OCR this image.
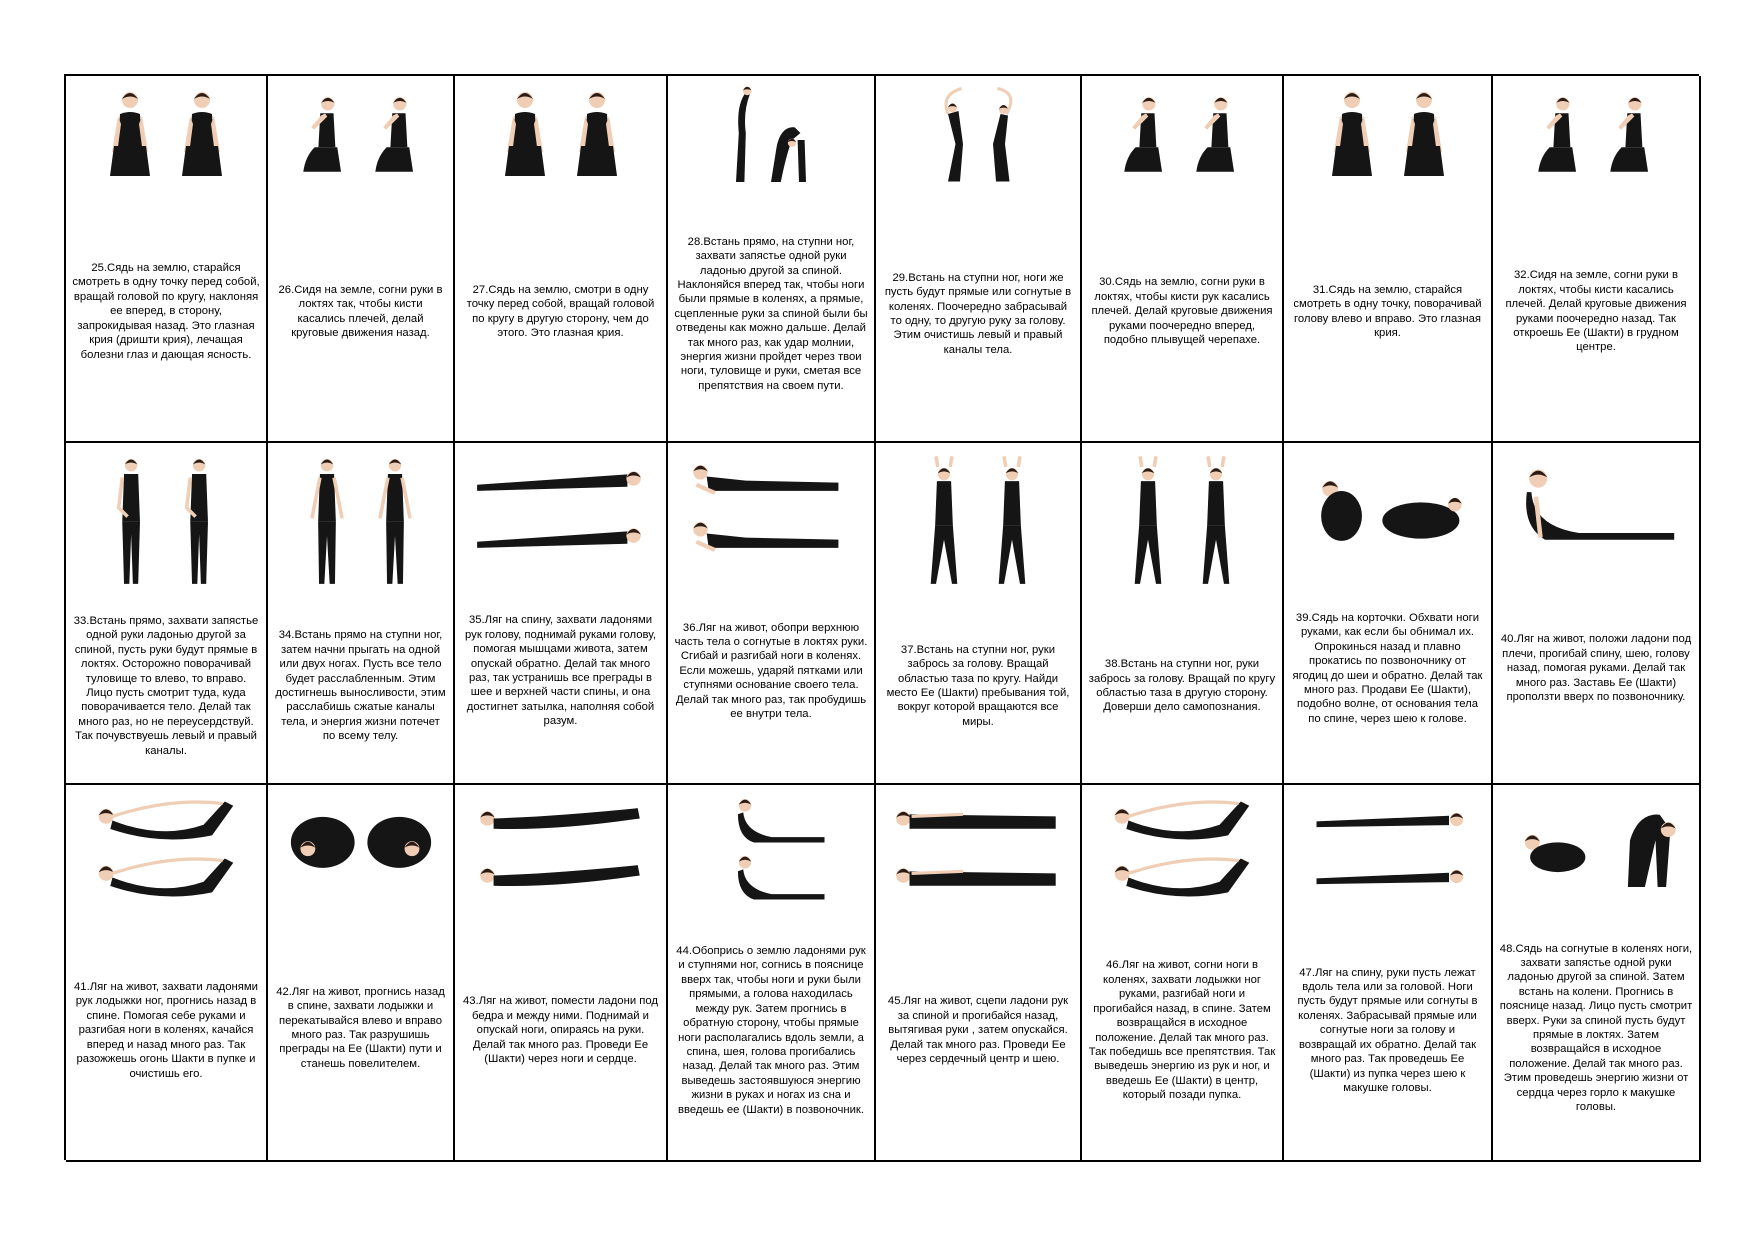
25.Сядь на землю, старайся смотреть в одну точку перед собой, вращай головой по кругу, наклоняя ее вперед, в сторону, запрокидывая назад. Это глазная крия (дришти крия), лечащая болезни глаз и дающая ясность.

26.Сидя на земле, согни руки в локтях так, чтобы кисти касались плечей, делай круговые движения назад.

27.Сядь на землю, смотри в одну точку перед собой, вращай головой по кругу в другую сторону, чем до этого. Это глазная крия.

28.Встань прямо, на ступни ног, захвати запястье одной руки ладонью другой за спиной. Наклоняйся вперед так, чтобы ноги были прямые в коленях, а прямые, сцепленные руки за спиной были бы отведены как можно дальше. Делай так много раз, как удар молнии, энергия жизни пройдет через твои ноги, туловище и руки, сметая все препятствия на своем пути.

29.Встань на ступни ног, ноги же пусть будут прямые или согнутые в коленях. Поочередно забрасывай то одну, то другую руку за голову. Этим очистишь левый и правый каналы тела.

30.Сядь на землю, согни руки в локтях, чтобы кисти рук касались плечей. Делай круговые движения руками поочередно вперед, подобно плывущей черепахе.

31.Сядь на землю, старайся смотреть в одну точку, поворачивай голову влево и вправо. Это глазная крия.

32.Сидя на земле, согни руки в локтях, чтобы кисти касались плечей. Делай круговые движения руками поочередно назад. Так откроешь Ее (Шакти) в грудном центре.

33.Встань прямо, захвати запястье одной руки ладонью другой за спиной, пусть руки будут прямые в локтях. Осторожно поворачивай туловище то влево, то вправо. Лицо пусть смотрит туда, куда поворачивается тело. Делай так много раз, но не переусердствуй. Так почувствуешь левый и правый каналы.

34.Встань прямо на ступни ног, затем начни прыгать на одной или двух ногах. Пусть все тело будет расслабленным. Этим достигнешь выносливости, этим расслабишь сжатые каналы тела, и энергия жизни потечет по всему телу.

35.Ляг на спину, захвати ладонями рук голову, поднимай руками голову, помогая мышцами живота, затем опускай обратно. Делай так много раз, так устранишь все преграды в шее и верхней части спины, и она достигнет затылка, наполняя собой разум.

36.Ляг на живот, обопри верхнюю часть тела о согнутые в локтях руки. Сгибай и разгибай ноги в коленях. Если можешь, ударяй пятками или ступнями основание своего тела. Делай так много раз, так пробудишь ее внутри тела.

37.Встань на ступни ног, руки забрось за голову. Вращай областью таза по кругу. Найди место Ее (Шакти) пребывания той, вокруг которой вращаются все миры.

38.Встань на ступни ног, руки забрось за голову. Вращай по кругу областью таза в другую сторону. Доверши дело самопознания.

39.Сядь на корточки. Обхвати ноги руками, как если бы обнимал их. Опрокинься назад и плавно прокатись по позвоночнику от ягодиц до шеи и обратно. Делай так много раз. Продави Ее (Шакти), подобно волне, от основания тела по спине, через шею к голове.

40.Ляг на живот, положи ладони под плечи, прогибай спину, шею, голову назад, помогая руками. Делай так много раз. Заставь Ее (Шакти) проползти вверх по позвоночнику.

41.Ляг на живот, захвати ладонями рук лодыжки ног, прогнись назад в спине. Помогая себе руками и разгибая ноги в коленях, качайся вперед и назад много раз. Так разожжешь огонь Шакти в пупке и очистишь его.

42.Ляг на живот, прогнись назад в спине, захвати лодыжки и перекатывайся влево и вправо много раз. Так разрушишь преграды на Ее (Шакти) пути и станешь повелителем.

43.Ляг на живот, помести ладони под бедра и между ними. Поднимай и опускай ноги, опираясь на руки. Делай так много раз. Проведи Ее (Шакти) через ноги и сердце.

44.Обопрись о землю ладонями рук и ступнями ног, согнись в пояснице вверх так, чтобы ноги и руки были прямыми, а голова находилась между рук. Затем прогнись в обратную сторону, чтобы прямые ноги располагались вдоль земли, а спина, шея, голова прогибались назад. Делай так много раз. Этим выведешь застоявшуюся энергию жизни в руках и ногах из сна и введешь ее (Шакти) в позвоночник.

45.Ляг на живот, сцепи ладони рук за спиной и прогибайся назад, вытягивая руки , затем опускайся. Делай так много раз. Проведи Ее через сердечный центр и шею.

46.Ляг на живот, согни ноги в коленях, захвати лодыжки ног руками, разгибай ноги и прогибайся назад, в спине. Затем возвращайся в исходное положение. Делай так много раз. Так победишь все препятствия. Так выведешь энергию из рук и ног, и введешь Ее (Шакти) в центр, который позади пупка.

47.Ляг на спину, руки пусть лежат вдоль тела или за головой. Ноги пусть будут прямые или согнуты в коленях. Забрасывай прямые или согнутые ноги за голову и возвращай их обратно. Делай так много раз. Так проведешь Ее (Шакти) из пупка через шею к макушке головы.

48.Сядь на согнутые в коленях ноги, захвати запястье одной руки ладонью другой за спиной. Затем встань на колени. Прогнись в пояснице назад. Лицо пусть смотрит вверх. Руки за спиной пусть будут прямые в локтях. Затем возвращайся в исходное положение. Делай так много раз. Этим проведешь энергию жизни от сердца через горло к макушке головы.
